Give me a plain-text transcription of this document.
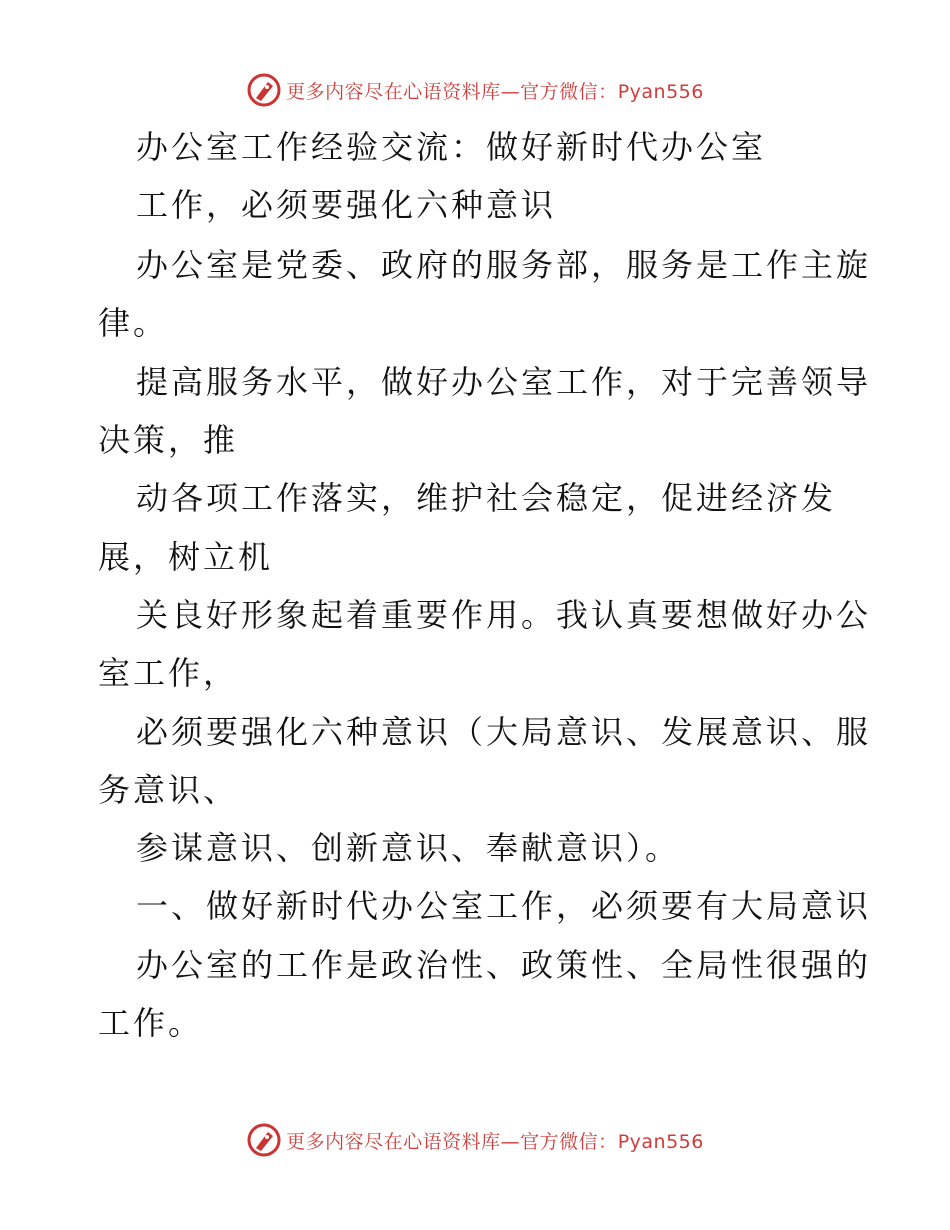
更多内容尽在心语资料库—官方微信：Pyan556
办公室工作经验交流：做好新时代办公室
工作，必须要强化六种意识
办公室是党委、政府的服务部，服务是工作主旋
律。
提高服务水平，做好办公室工作，对于完善领导
决策，推
动各项工作落实，维护社会稳定，促进经济发
展，树立机
关良好形象起着重要作用。我认真要想做好办公
室工作，
必须要强化六种意识（大局意识、发展意识、服
务意识、
参谋意识、创新意识、奉献意识）。
一、做好新时代办公室工作，必须要有大局意识
办公室的工作是政治性、政策性、全局性很强的
工作。
更多内容尽在心语资料库—官方微信：Pyan556
